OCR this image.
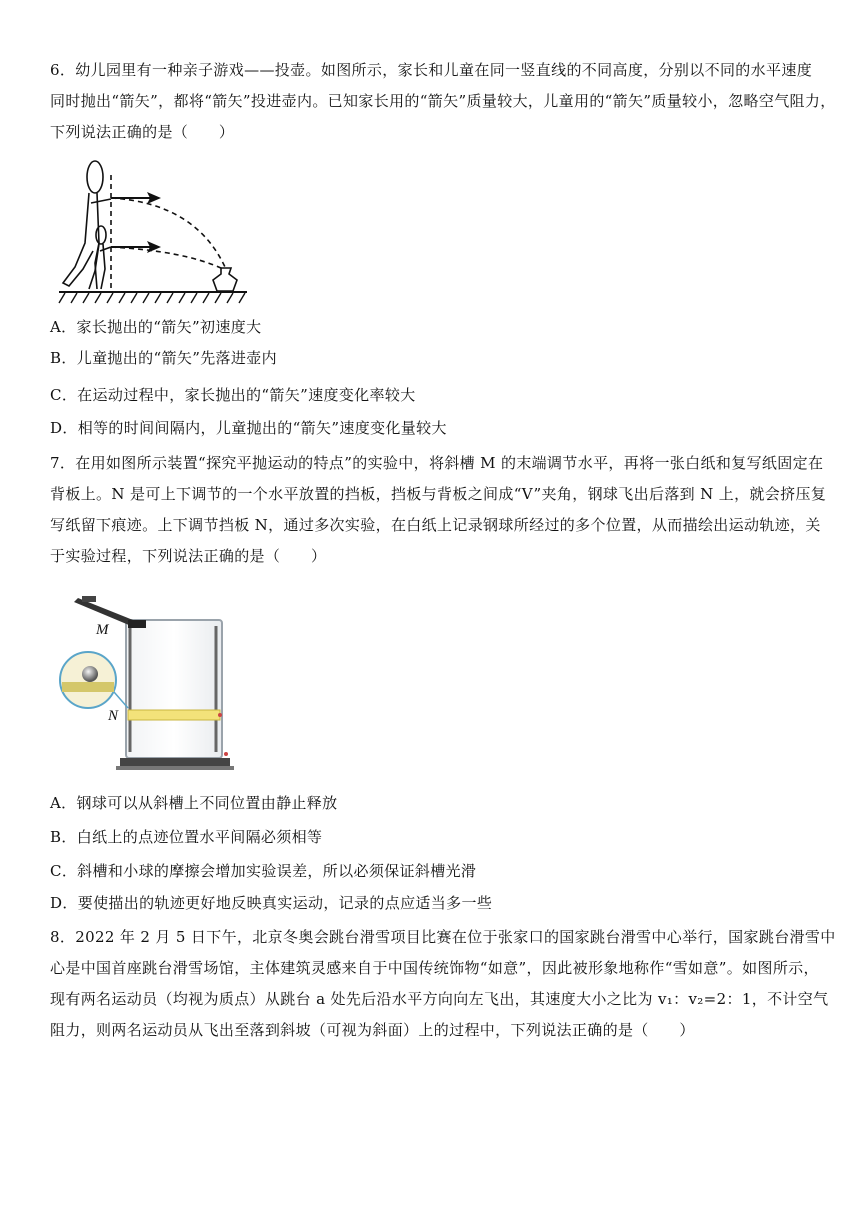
6．幼儿园里有一种亲子游戏——投壶。如图所示，家长和儿童在同一竖直线的不同高度，分别以不同的水平速度
同时抛出“箭矢”，都将“箭矢”投进壶内。已知家长用的“箭矢”质量较大，儿童用的“箭矢”质量较小，忽略空气阻力，
下列说法正确的是（　　）

A．家长抛出的“箭矢”初速度大
B．儿童抛出的“箭矢”先落进壶内
C．在运动过程中，家长抛出的“箭矢”速度变化率较大
D．相等的时间间隔内，儿童抛出的“箭矢”速度变化量较大

7．在用如图所示装置“探究平抛运动的特点”的实验中，将斜槽 M 的末端调节水平，再将一张白纸和复写纸固定在
背板上。N 是可上下调节的一个水平放置的挡板，挡板与背板之间成“V”夹角，钢球飞出后落到 N 上，就会挤压复
写纸留下痕迹。上下调节挡板 N，通过多次实验，在白纸上记录钢球所经过的多个位置，从而描绘出运动轨迹，关
于实验过程，下列说法正确的是（　　）

M
N
A．钢球可以从斜槽上不同位置由静止释放
B．白纸上的点迹位置水平间隔必须相等
C．斜槽和小球的摩擦会增加实验误差，所以必须保证斜槽光滑
D．要使描出的轨迹更好地反映真实运动，记录的点应适当多一些

8．2022 年 2 月 5 日下午，北京冬奥会跳台滑雪项目比赛在位于张家口的国家跳台滑雪中心举行，国家跳台滑雪中
心是中国首座跳台滑雪场馆，主体建筑灵感来自于中国传统饰物“如意”，因此被形象地称作“雪如意”。如图所示，
现有两名运动员（均视为质点）从跳台 a 处先后沿水平方向向左飞出，其速度大小之比为 v₁：v₂=2：1，不计空气
阻力，则两名运动员从飞出至落到斜坡（可视为斜面）上的过程中，下列说法正确的是（　　）
